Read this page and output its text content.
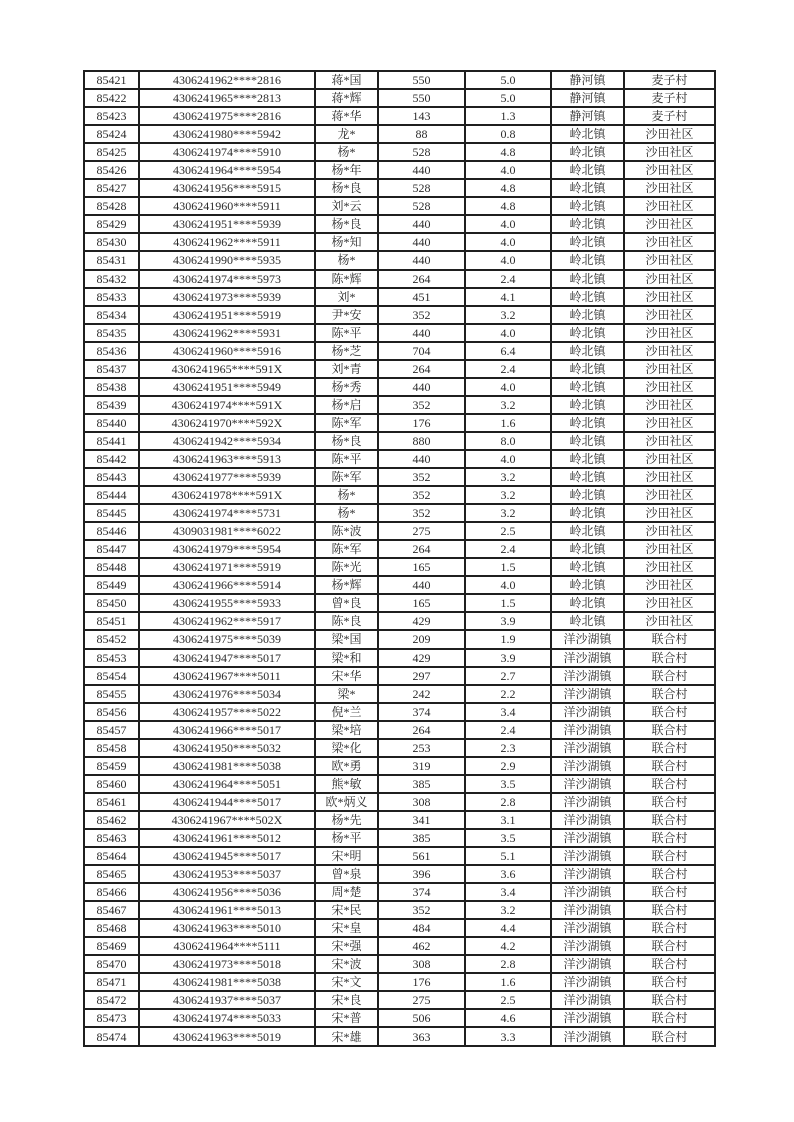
85421	4306241962****2816	蒋*国	550	5.0	静河镇	麦子村
85422	4306241965****2813	蒋*辉	550	5.0	静河镇	麦子村
85423	4306241975****2816	蒋*华	143	1.3	静河镇	麦子村
85424	4306241980****5942	龙*	88	0.8	岭北镇	沙田社区
85425	4306241974****5910	杨*	528	4.8	岭北镇	沙田社区
85426	4306241964****5954	杨*年	440	4.0	岭北镇	沙田社区
85427	4306241956****5915	杨*良	528	4.8	岭北镇	沙田社区
85428	4306241960****5911	刘*云	528	4.8	岭北镇	沙田社区
85429	4306241951****5939	杨*良	440	4.0	岭北镇	沙田社区
85430	4306241962****5911	杨*知	440	4.0	岭北镇	沙田社区
85431	4306241990****5935	杨*	440	4.0	岭北镇	沙田社区
85432	4306241974****5973	陈*辉	264	2.4	岭北镇	沙田社区
85433	4306241973****5939	刘*	451	4.1	岭北镇	沙田社区
85434	4306241951****5919	尹*安	352	3.2	岭北镇	沙田社区
85435	4306241962****5931	陈*平	440	4.0	岭北镇	沙田社区
85436	4306241960****5916	杨*芝	704	6.4	岭北镇	沙田社区
85437	4306241965****591X	刘*青	264	2.4	岭北镇	沙田社区
85438	4306241951****5949	杨*秀	440	4.0	岭北镇	沙田社区
85439	4306241974****591X	杨*启	352	3.2	岭北镇	沙田社区
85440	4306241970****592X	陈*军	176	1.6	岭北镇	沙田社区
85441	4306241942****5934	杨*良	880	8.0	岭北镇	沙田社区
85442	4306241963****5913	陈*平	440	4.0	岭北镇	沙田社区
85443	4306241977****5939	陈*军	352	3.2	岭北镇	沙田社区
85444	4306241978****591X	杨*	352	3.2	岭北镇	沙田社区
85445	4306241974****5731	杨*	352	3.2	岭北镇	沙田社区
85446	4309031981****6022	陈*波	275	2.5	岭北镇	沙田社区
85447	4306241979****5954	陈*军	264	2.4	岭北镇	沙田社区
85448	4306241971****5919	陈*光	165	1.5	岭北镇	沙田社区
85449	4306241966****5914	杨*辉	440	4.0	岭北镇	沙田社区
85450	4306241955****5933	曾*良	165	1.5	岭北镇	沙田社区
85451	4306241962****5917	陈*良	429	3.9	岭北镇	沙田社区
85452	4306241975****5039	梁*国	209	1.9	洋沙湖镇	联合村
85453	4306241947****5017	梁*和	429	3.9	洋沙湖镇	联合村
85454	4306241967****5011	宋*华	297	2.7	洋沙湖镇	联合村
85455	4306241976****5034	梁*	242	2.2	洋沙湖镇	联合村
85456	4306241957****5022	倪*兰	374	3.4	洋沙湖镇	联合村
85457	4306241966****5017	梁*培	264	2.4	洋沙湖镇	联合村
85458	4306241950****5032	梁*化	253	2.3	洋沙湖镇	联合村
85459	4306241981****5038	欧*勇	319	2.9	洋沙湖镇	联合村
85460	4306241964****5051	熊*敏	385	3.5	洋沙湖镇	联合村
85461	4306241944****5017	欧*炳义	308	2.8	洋沙湖镇	联合村
85462	4306241967****502X	杨*先	341	3.1	洋沙湖镇	联合村
85463	4306241961****5012	杨*平	385	3.5	洋沙湖镇	联合村
85464	4306241945****5017	宋*明	561	5.1	洋沙湖镇	联合村
85465	4306241953****5037	曾*泉	396	3.6	洋沙湖镇	联合村
85466	4306241956****5036	周*楚	374	3.4	洋沙湖镇	联合村
85467	4306241961****5013	宋*民	352	3.2	洋沙湖镇	联合村
85468	4306241963****5010	宋*皇	484	4.4	洋沙湖镇	联合村
85469	4306241964****5111	宋*强	462	4.2	洋沙湖镇	联合村
85470	4306241973****5018	宋*波	308	2.8	洋沙湖镇	联合村
85471	4306241981****5038	宋*文	176	1.6	洋沙湖镇	联合村
85472	4306241937****5037	宋*良	275	2.5	洋沙湖镇	联合村
85473	4306241974****5033	宋*普	506	4.6	洋沙湖镇	联合村
85474	4306241963****5019	宋*雄	363	3.3	洋沙湖镇	联合村
